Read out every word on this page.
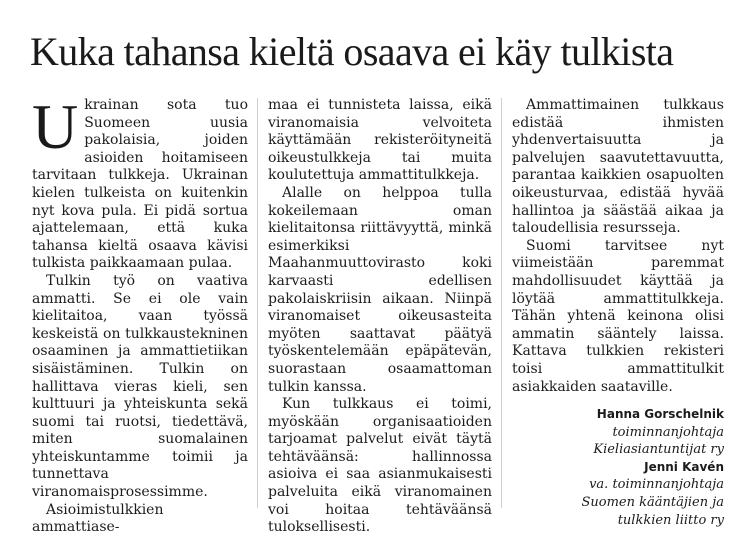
Kuka tahansa kieltä osaava ei käy tulkista

Ukrainan sota tuo Suomeen uusia pakolaisia, joiden asioiden hoitamiseen tarvitaan tulkkeja. Ukrainan kielen tulkeista on kuitenkin nyt kova pula. Ei pidä sortua ajattelemaan, että kuka tahansa kieltä osaava kävisi tulkista paikkaamaan pulaa.

Tulkin työ on vaativa ammatti. Se ei ole vain kielitaitoa, vaan työssä keskeistä on tulkkaustekninen osaaminen ja ammattietiikan sisäistäminen. Tulkin on hallittava vieras kieli, sen kulttuuri ja yhteiskunta sekä suomi tai ruotsi, tiedettävä, miten suomalainen yhteiskuntamme toimii ja tunnettava viranomaisprosessimme.

Asioimistulkkien ammattiase-

maa ei tunnisteta laissa, eikä viranomaisia velvoiteta käyttämään rekisteröityneitä oikeustulkkeja tai muita koulutettuja ammattitulkkeja.

Alalle on helppoa tulla kokeilemaan oman kielitaitonsa riittävyyttä, minkä esimerkiksi Maahanmuuttovirasto koki karvaasti edellisen pakolaiskriisin aikaan. Niinpä viranomaiset oikeusasteita myöten saattavat päätyä työskentelemään epäpätevän, suorastaan osaamattoman tulkin kanssa.

Kun tulkkaus ei toimi, myöskään organisaatioiden tarjoamat palvelut eivät täytä tehtäväänsä: hallinnossa asioiva ei saa asianmukaisesti palveluita eikä viranomainen voi hoitaa tehtäväänsä tuloksellisesti.

Ammattimainen tulkkaus edistää ihmisten yhdenvertaisuutta ja palvelujen saavutettavuutta, parantaa kaikkien osapuolten oikeusturvaa, edistää hyvää hallintoa ja säästää aikaa ja taloudellisia resursseja.

Suomi tarvitsee nyt viimeistään paremmat mahdollisuudet käyttää ja löytää ammattitulkkeja. Tähän yhtenä keinona olisi ammatin sääntely laissa. Kattava tulkkien rekisteri toisi ammattitulkit asiakkaiden saataville.

Hanna Gorschelnik
toiminnanjohtaja
Kieliasiantuntijat ry
Jenni Kavén
va. toiminnanjohtaja
Suomen kääntäjien ja
tulkkien liitto ry
